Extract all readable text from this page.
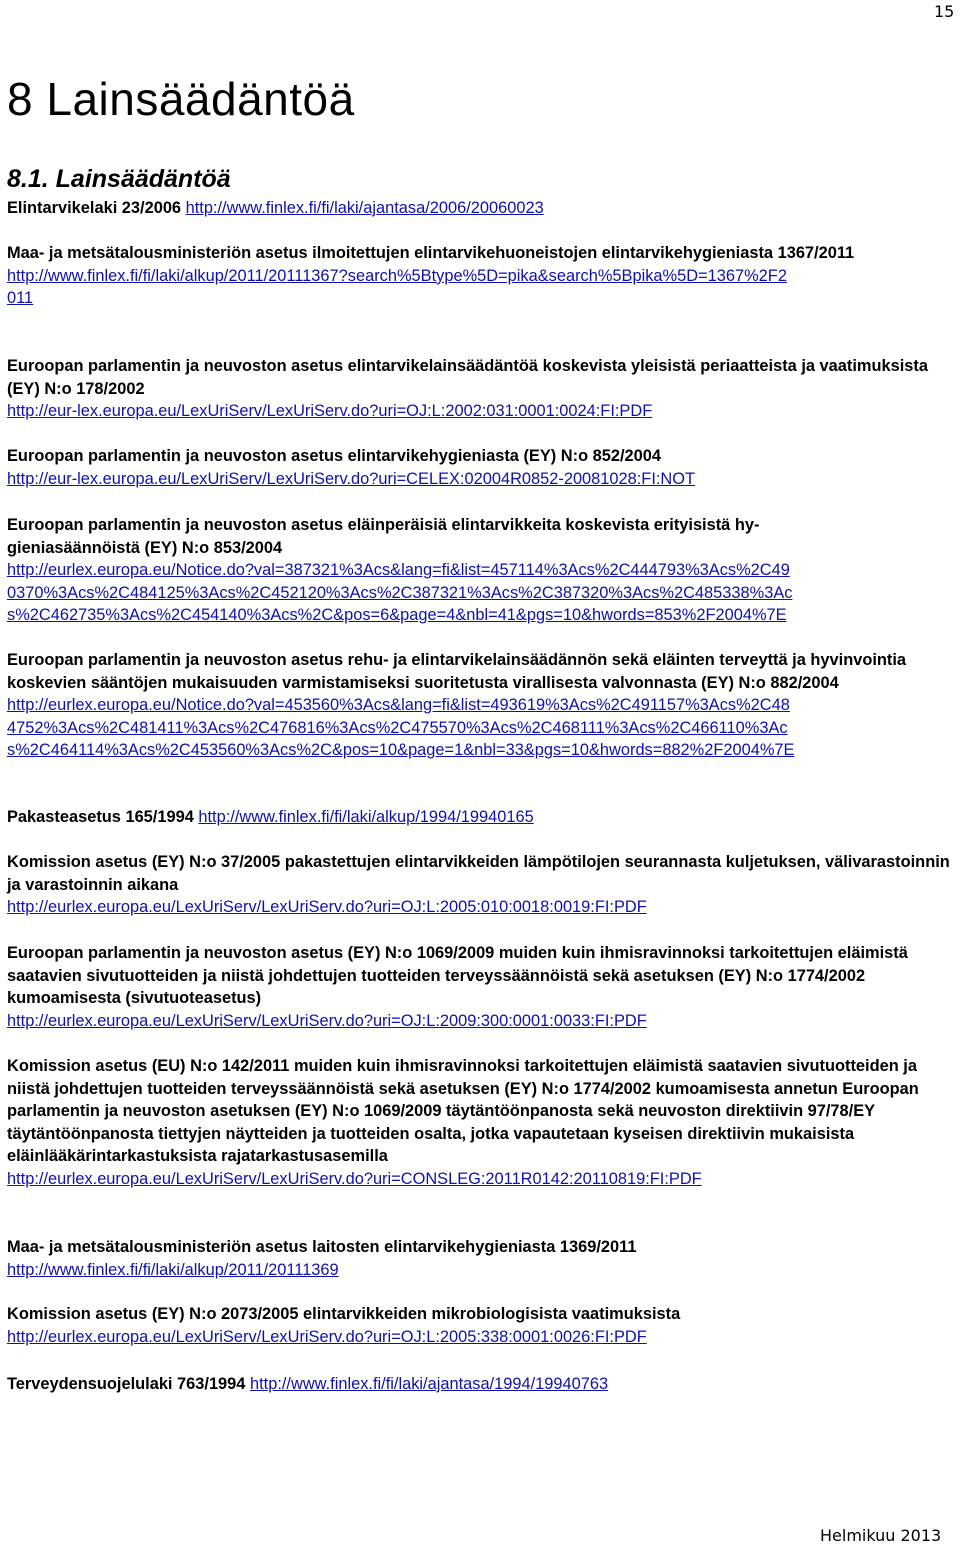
15
8 Lainsäädäntöä
8.1. Lainsäädäntöä
Elintarvikelaki 23/2006 http://www.finlex.fi/fi/laki/ajantasa/2006/20060023
Maa- ja metsätalousministeriön asetus ilmoitettujen elintarvikehuoneistojen elintarvikehygieniasta 1367/2011
http://www.finlex.fi/fi/laki/alkup/2011/20111367?search%5Btype%5D=pika&search%5Bpika%5D=1367%2F2
011
Euroopan parlamentin ja neuvoston asetus elintarvikelainsäädäntöä koskevista yleisistä periaatteista ja vaatimuksista (EY) N:o 178/2002
http://eur-lex.europa.eu/LexUriServ/LexUriServ.do?uri=OJ:L:2002:031:0001:0024:FI:PDF
Euroopan parlamentin ja neuvoston asetus elintarvikehygieniasta (EY) N:o 852/2004
http://eur-lex.europa.eu/LexUriServ/LexUriServ.do?uri=CELEX:02004R0852-20081028:FI:NOT
Euroopan parlamentin ja neuvoston asetus eläinperäisiä elintarvikkeita koskevista erityisistä hy-
gieniasäännöistä (EY) N:o 853/2004
http://eurlex.europa.eu/Notice.do?val=387321%3Acs&lang=fi&list=457114%3Acs%2C444793%3Acs%2C49
0370%3Acs%2C484125%3Acs%2C452120%3Acs%2C387321%3Acs%2C387320%3Acs%2C485338%3Ac
s%2C462735%3Acs%2C454140%3Acs%2C&pos=6&page=4&nbl=41&pgs=10&hwords=853%2F2004%7E
Euroopan parlamentin ja neuvoston asetus rehu- ja elintarvikelainsäädännön sekä eläinten terveyttä ja hyvinvointia koskevien sääntöjen mukaisuuden varmistamiseksi suoritetusta virallisesta valvonnasta (EY) N:o 882/2004
http://eurlex.europa.eu/Notice.do?val=453560%3Acs&lang=fi&list=493619%3Acs%2C491157%3Acs%2C48
4752%3Acs%2C481411%3Acs%2C476816%3Acs%2C475570%3Acs%2C468111%3Acs%2C466110%3Ac
s%2C464114%3Acs%2C453560%3Acs%2C&pos=10&page=1&nbl=33&pgs=10&hwords=882%2F2004%7E
Pakasteasetus 165/1994 http://www.finlex.fi/fi/laki/alkup/1994/19940165
Komission asetus (EY) N:o 37/2005 pakastettujen elintarvikkeiden lämpötilojen seurannasta kuljetuksen, välivarastoinnin ja varastoinnin aikana
http://eurlex.europa.eu/LexUriServ/LexUriServ.do?uri=OJ:L:2005:010:0018:0019:FI:PDF
Euroopan parlamentin ja neuvoston asetus (EY) N:o 1069/2009 muiden kuin ihmisravinnoksi tarkoitettujen eläimistä saatavien sivutuotteiden ja niistä johdettujen tuotteiden terveyssäännöistä sekä asetuksen (EY) N:o 1774/2002 kumoamisesta (sivutuoteasetus)
http://eurlex.europa.eu/LexUriServ/LexUriServ.do?uri=OJ:L:2009:300:0001:0033:FI:PDF
Komission asetus (EU) N:o 142/2011 muiden kuin ihmisravinnoksi tarkoitettujen eläimistä saatavien sivutuotteiden ja niistä johdettujen tuotteiden terveyssäännöistä sekä asetuksen (EY) N:o 1774/2002 kumoamisesta annetun Euroopan parlamentin ja neuvoston asetuksen (EY) N:o 1069/2009 täytäntöönpanosta sekä neuvoston direktiivin 97/78/EY täytäntöönpanosta tiettyjen näytteiden ja tuotteiden osalta, jotka vapautetaan kyseisen direktiivin mukaisista eläinlääkärintarkastuksista rajatarkastusasemilla
http://eurlex.europa.eu/LexUriServ/LexUriServ.do?uri=CONSLEG:2011R0142:20110819:FI:PDF
Maa- ja metsätalousministeriön asetus laitosten elintarvikehygieniasta 1369/2011
http://www.finlex.fi/fi/laki/alkup/2011/20111369
Komission asetus (EY) N:o 2073/2005 elintarvikkeiden mikrobiologisista vaatimuksista
http://eurlex.europa.eu/LexUriServ/LexUriServ.do?uri=OJ:L:2005:338:0001:0026:FI:PDF
Terveydensuojelulaki 763/1994 http://www.finlex.fi/fi/laki/ajantasa/1994/19940763
Helmikuu 2013
